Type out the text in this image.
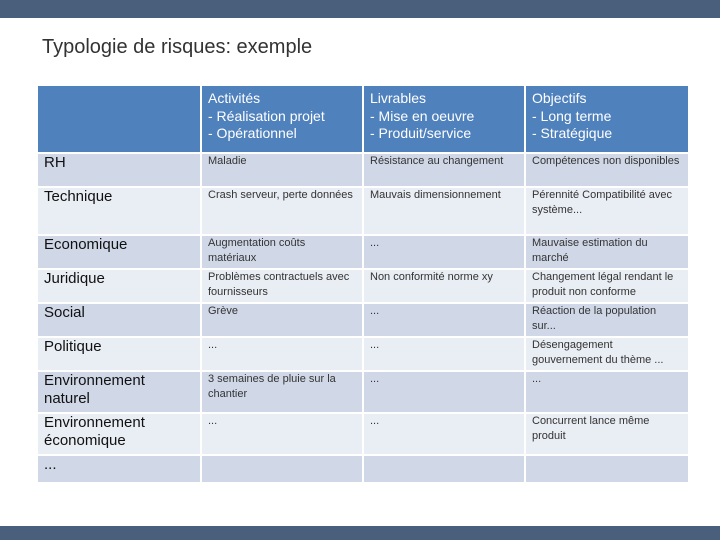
Typologie de risques: exemple

	Activités
- Réalisation projet
- Opérationnel	Livrables
- Mise en oeuvre
- Produit/service	Objectifs
- Long terme
- Stratégique

RH	Maladie	Résistance au changement	Compétences non disponibles
Technique	Crash serveur, perte données	Mauvais dimensionnement	Pérennité Compatibilité avec système...
Economique	Augmentation coûts matériaux	...	Mauvaise estimation du marché
Juridique	Problèmes contractuels avec fournisseurs	Non conformité norme xy	Changement légal rendant le produit non conforme
Social	Grève	...	Réaction de la population sur...
Politique	...	...	Désengagement gouvernement du thème ...
Environnement naturel	3 semaines de pluie sur la chantier	...	...
Environnement économique	...	...	Concurrent lance même produit
...			
